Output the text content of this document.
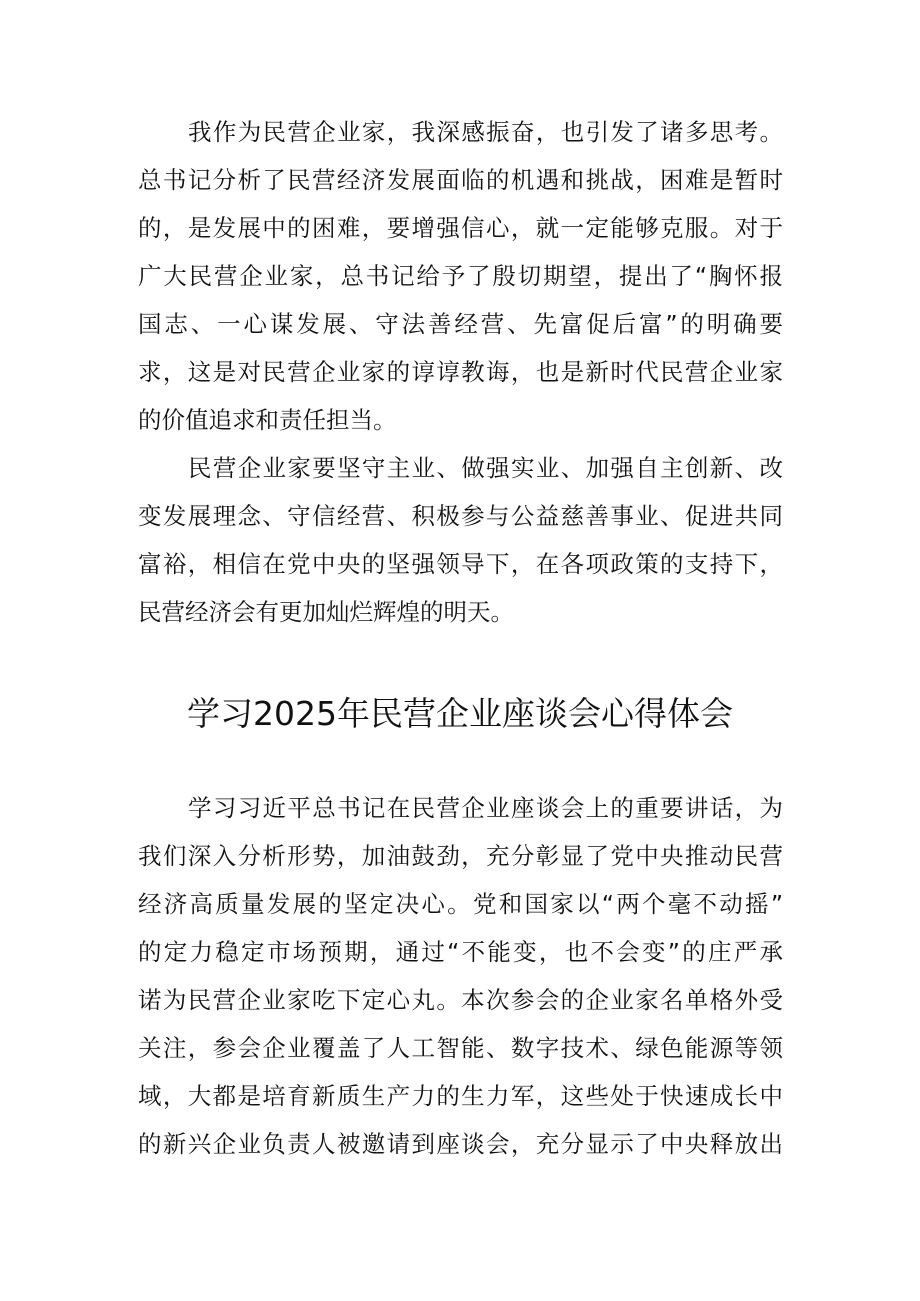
我作为民营企业家，我深感振奋，也引发了诸多思考。
总书记分析了民营经济发展面临的机遇和挑战，困难是暂时
的，是发展中的困难，要增强信心，就一定能够克服。对于
广大民营企业家，总书记给予了殷切期望，提出了“胸怀报
国志、一心谋发展、守法善经营、先富促后富”的明确要
求，这是对民营企业家的谆谆教诲，也是新时代民营企业家
的价值追求和责任担当。
民营企业家要坚守主业、做强实业、加强自主创新、改
变发展理念、守信经营、积极参与公益慈善事业、促进共同
富裕，相信在党中央的坚强领导下，在各项政策的支持下，
民营经济会有更加灿烂辉煌的明天。
学习2025年民营企业座谈会心得体会
学习习近平总书记在民营企业座谈会上的重要讲话，为
我们深入分析形势，加油鼓劲，充分彰显了党中央推动民营
经济高质量发展的坚定决心。党和国家以“两个毫不动摇”
的定力稳定市场预期，通过“不能变，也不会变”的庄严承
诺为民营企业家吃下定心丸。本次参会的企业家名单格外受
关注，参会企业覆盖了人工智能、数字技术、绿色能源等领
域，大都是培育新质生产力的生力军，这些处于快速成长中
的新兴企业负责人被邀请到座谈会，充分显示了中央释放出
